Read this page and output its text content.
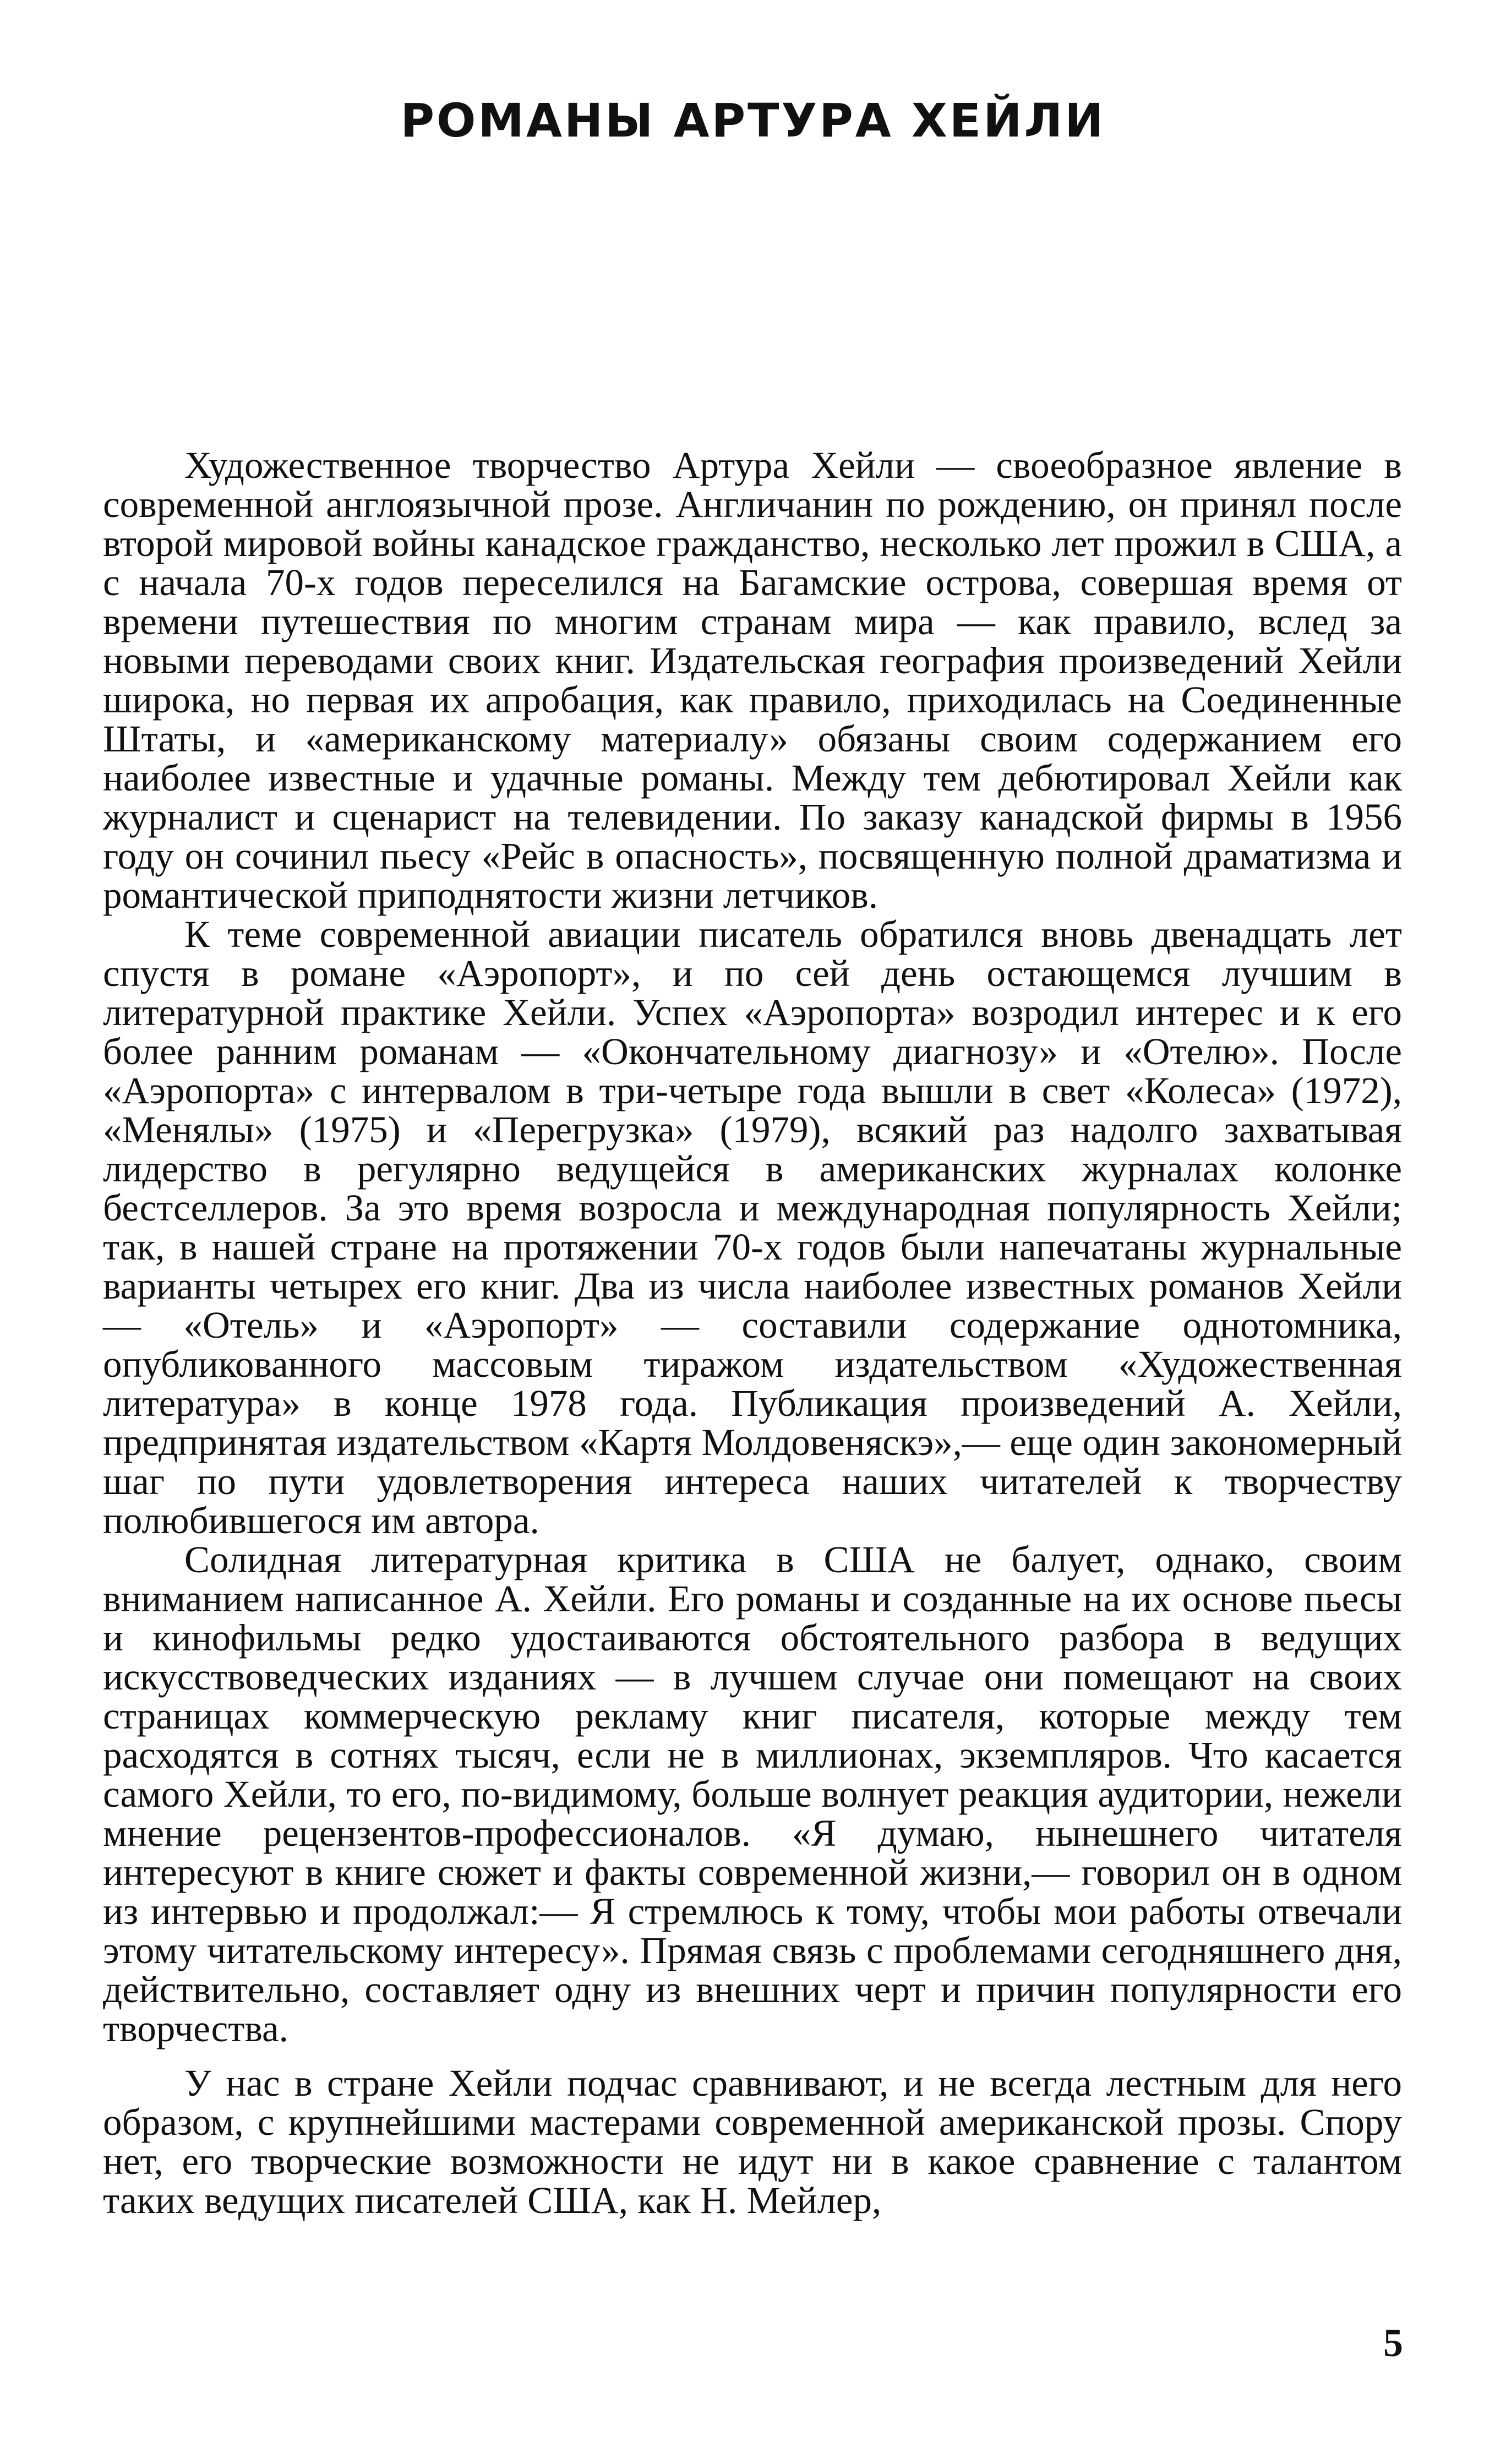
РОМАНЫ АРТУРА ХЕЙЛИ

Художественное творчество Артура Хейли — своеобразное явление в современной англоязычной прозе. Англичанин по рождению, он принял после второй мировой войны канадское гражданство, несколько лет прожил в США, а с начала 70-х годов переселился на Багамские острова, совершая время от времени путешествия по многим странам мира — как правило, вслед за новыми переводами своих книг. Издательская география произведений Хейли широка, но первая их апробация, как правило, приходилась на Соединенные Штаты, и «американскому материалу» обязаны своим содержанием его наиболее известные и удачные романы. Между тем дебютировал Хейли как журналист и сценарист на телевидении. По заказу канадской фирмы в 1956 году он сочинил пьесу «Рейс в опасность», посвященную полной драматизма и романтической приподнятости жизни летчиков.

К теме современной авиации писатель обратился вновь двенадцать лет спустя в романе «Аэропорт», и по сей день остающемся лучшим в литературной практике Хейли. Успех «Аэропорта» возродил интерес и к его более ранним романам — «Окончательному диагнозу» и «Отелю». После «Аэропорта» с интервалом в три-четыре года вышли в свет «Колеса» (1972), «Менялы» (1975) и «Перегрузка» (1979), всякий раз надолго захватывая лидерство в регулярно ведущейся в американских журналах колонке бестселлеров. За это время возросла и международная популярность Хейли; так, в нашей стране на протяжении 70-х годов были напечатаны журнальные варианты четырех его книг. Два из числа наиболее известных романов Хейли — «Отель» и «Аэропорт» — составили содержание однотомника, опубликованного массовым тиражом издательством «Художественная литература» в конце 1978 года. Публикация произведений А. Хейли, предпринятая издательством «Картя Молдовеняскэ»,— еще один закономерный шаг по пути удовлетворения интереса наших читателей к творчеству полюбившегося им автора.

Солидная литературная критика в США не балует, однако, своим вниманием написанное А. Хейли. Его романы и созданные на их основе пьесы и кинофильмы редко удостаиваются обстоятельного разбора в ведущих искусствоведческих изданиях — в лучшем случае они помещают на своих страницах коммерческую рекламу книг писателя, которые между тем расходятся в сотнях тысяч, если не в миллионах, экземпляров. Что касается самого Хейли, то его, по-видимому, больше волнует реакция аудитории, нежели мнение рецензентов-профессионалов. «Я думаю, нынешнего читателя интересуют в книге сюжет и факты современной жизни,— говорил он в одном из интервью и продолжал:— Я стремлюсь к тому, чтобы мои работы отвечали этому читательскому интересу». Прямая связь с проблемами сегодняшнего дня, действительно, составляет одну из внешних черт и причин популярности его творчества.

У нас в стране Хейли подчас сравнивают, и не всегда лестным для него образом, с крупнейшими мастерами современной американской прозы. Спору нет, его творческие возможности не идут ни в какое сравнение с талантом таких ведущих писателей США, как Н. Мейлер,

5
